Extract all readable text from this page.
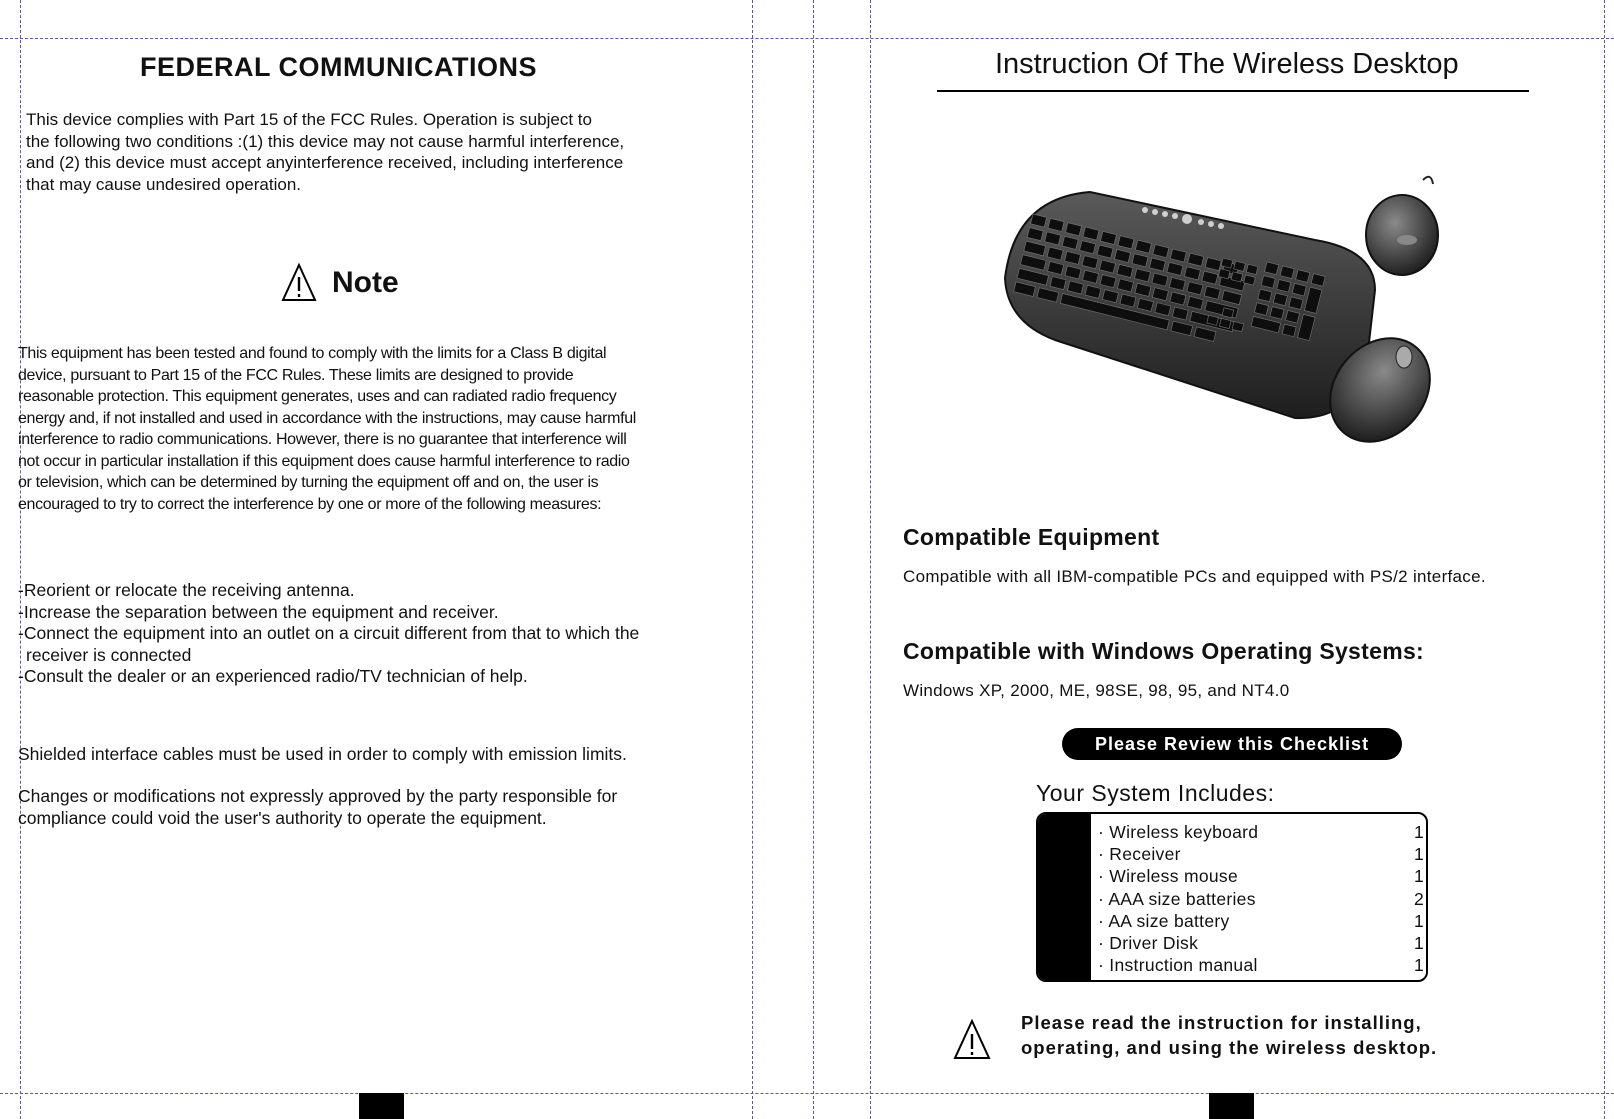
FEDERAL COMMUNICATIONS
This device complies with Part 15 of the FCC Rules. Operation is subject to
the following two conditions :(1) this device may not cause harmful interference,
and (2) this device must accept anyinterference received, including interference
that may cause undesired operation.
Note
This equipment has been tested and found to comply with the limits for a Class B digital
device, pursuant to Part 15 of the FCC Rules. These limits are designed to provide
reasonable protection. This equipment generates, uses and can radiated radio frequency
energy and, if not installed and used in accordance with the instructions, may cause harmful
interference to radio communications. However, there is no guarantee that interference will
not occur in particular installation if this equipment does cause harmful interference to radio
or television, which can be determined by turning the equipment off and on, the user is
encouraged to try to correct the interference by one or more of the following measures:
-Reorient or relocate the receiving antenna.
-Increase the separation between the equipment and receiver.
-Connect the equipment into an outlet on a circuit different from that to which the
receiver is connected
-Consult the dealer or an experienced radio/TV technician of help.
Shielded interface cables must be used in order to comply with emission limits.
Changes or modifications not expressly approved by the party responsible for
compliance could void the user's authority to operate the equipment.
Instruction Of The Wireless Desktop
Compatible Equipment
Compatible with all IBM-compatible PCs and equipped with PS/2 interface.
Compatible with Windows Operating Systems:
Windows XP, 2000, ME, 98SE, 98, 95, and NT4.0
Please Review this Checklist
Your System Includes:
· Wireless keyboard	1
· Receiver	1
· Wireless mouse	1
· AAA size batteries	2
· AA size battery	1
· Driver Disk	1
· Instruction manual	1
Please read the instruction for installing,
operating, and using the wireless desktop.
